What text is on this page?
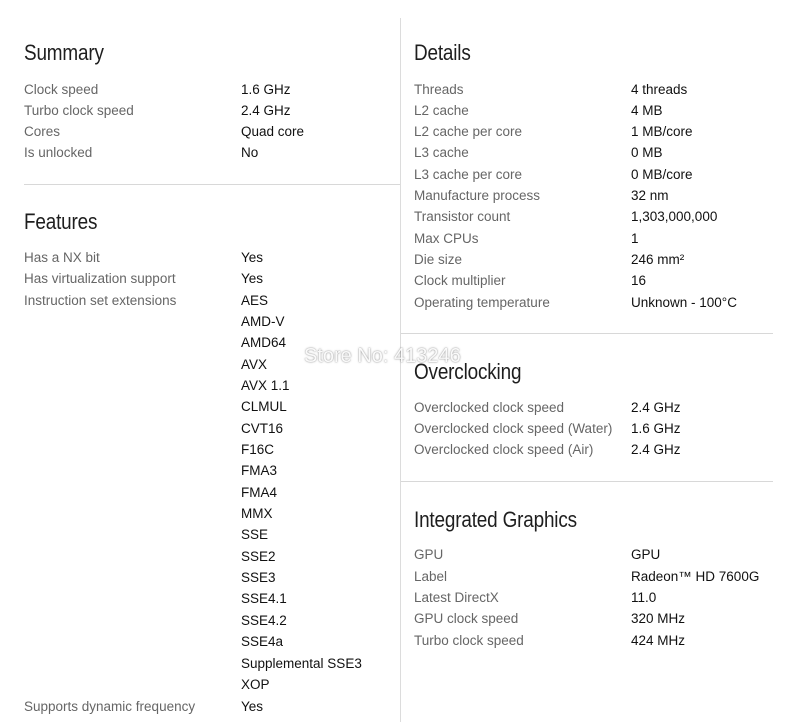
Summary
Clock speed	1.6 GHz
Turbo clock speed	2.4 GHz
Cores	Quad core
Is unlocked	No
Features
Has a NX bit	Yes
Has virtualization support	Yes
Instruction set extensions	AES
AMD-V
AMD64
AVX
AVX 1.1
CLMUL
CVT16
F16C
FMA3
FMA4
MMX
SSE
SSE2
SSE3
SSE4.1
SSE4.2
SSE4a
Supplemental SSE3
XOP
Supports dynamic frequency	Yes
Details
Threads	4 threads
L2 cache	4 MB
L2 cache per core	1 MB/core
L3 cache	0 MB
L3 cache per core	0 MB/core
Manufacture process	32 nm
Transistor count	1,303,000,000
Max CPUs	1
Die size	246 mm²
Clock multiplier	16
Operating temperature	Unknown - 100°C
Overclocking
Overclocked clock speed	2.4 GHz
Overclocked clock speed (Water) 1.6 GHz
Overclocked clock speed (Air)	2.4 GHz
Integrated Graphics
GPU	GPU
Label	Radeon™ HD 7600G
Latest DirectX	11.0
GPU clock speed	320 MHz
Turbo clock speed	424 MHz
Store No: 413246
